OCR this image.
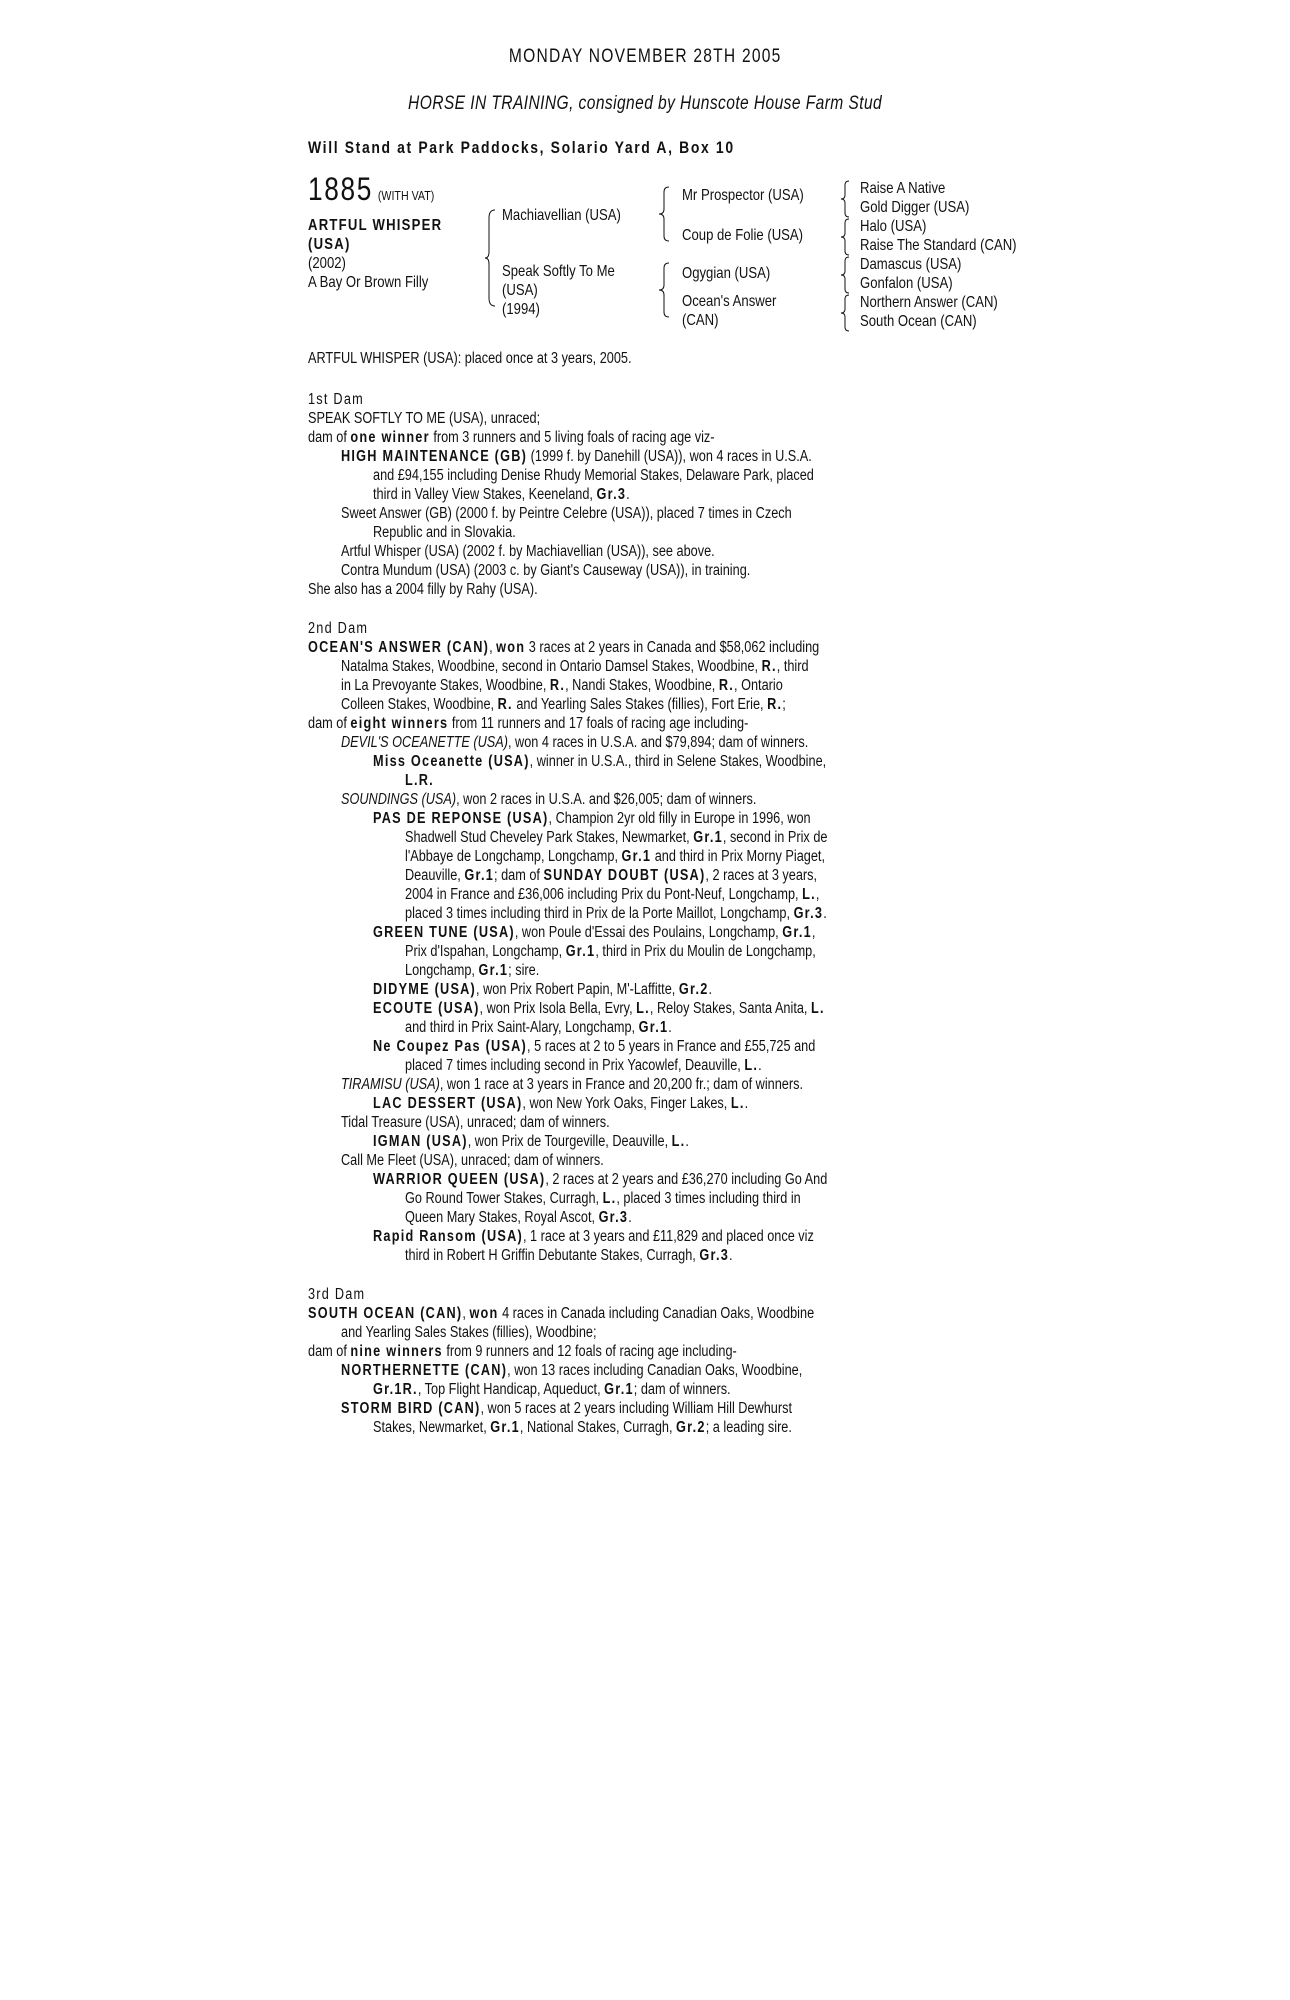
MONDAY NOVEMBER 28TH 2005
HORSE IN TRAINING, consigned by Hunscote House Farm Stud
Will Stand at Park Paddocks, Solario Yard A, Box 10
1885 (WITH VAT)
ARTFUL WHISPER
(USA)
(2002)
A Bay Or Brown Filly
Machiavellian (USA)
Speak Softly To Me
(USA)
(1994)
Mr Prospector (USA)
Coup de Folie (USA)
Ogygian (USA)
Ocean's Answer
(CAN)
Raise A Native
Gold Digger (USA)
Halo (USA)
Raise The Standard (CAN)
Damascus (USA)
Gonfalon (USA)
Northern Answer (CAN)
South Ocean (CAN)
ARTFUL WHISPER (USA): placed once at 3 years, 2005.
1st Dam
SPEAK SOFTLY TO ME (USA), unraced;
dam of one winner from 3 runners and 5 living foals of racing age viz-
HIGH MAINTENANCE (GB) (1999 f. by Danehill (USA)), won 4 races in U.S.A.
and £94,155 including Denise Rhudy Memorial Stakes, Delaware Park, placed
third in Valley View Stakes, Keeneland, Gr.3.
Sweet Answer (GB) (2000 f. by Peintre Celebre (USA)), placed 7 times in Czech
Republic and in Slovakia.
Artful Whisper (USA) (2002 f. by Machiavellian (USA)), see above.
Contra Mundum (USA) (2003 c. by Giant's Causeway (USA)), in training.
She also has a 2004 filly by Rahy (USA).
2nd Dam
OCEAN'S ANSWER (CAN), won 3 races at 2 years in Canada and $58,062 including
Natalma Stakes, Woodbine, second in Ontario Damsel Stakes, Woodbine, R., third
in La Prevoyante Stakes, Woodbine, R., Nandi Stakes, Woodbine, R., Ontario
Colleen Stakes, Woodbine, R. and Yearling Sales Stakes (fillies), Fort Erie, R.;
dam of eight winners from 11 runners and 17 foals of racing age including-
DEVIL'S OCEANETTE (USA), won 4 races in U.S.A. and $79,894; dam of winners.
Miss Oceanette (USA), winner in U.S.A., third in Selene Stakes, Woodbine,
L.R.
SOUNDINGS (USA), won 2 races in U.S.A. and $26,005; dam of winners.
PAS DE REPONSE (USA), Champion 2yr old filly in Europe in 1996, won
Shadwell Stud Cheveley Park Stakes, Newmarket, Gr.1, second in Prix de
l'Abbaye de Longchamp, Longchamp, Gr.1 and third in Prix Morny Piaget,
Deauville, Gr.1; dam of SUNDAY DOUBT (USA), 2 races at 3 years,
2004 in France and £36,006 including Prix du Pont-Neuf, Longchamp, L.,
placed 3 times including third in Prix de la Porte Maillot, Longchamp, Gr.3.
GREEN TUNE (USA), won Poule d'Essai des Poulains, Longchamp, Gr.1,
Prix d'Ispahan, Longchamp, Gr.1, third in Prix du Moulin de Longchamp,
Longchamp, Gr.1; sire.
DIDYME (USA), won Prix Robert Papin, M'-Laffitte, Gr.2.
ECOUTE (USA), won Prix Isola Bella, Evry, L., Reloy Stakes, Santa Anita, L.
and third in Prix Saint-Alary, Longchamp, Gr.1.
Ne Coupez Pas (USA), 5 races at 2 to 5 years in France and £55,725 and
placed 7 times including second in Prix Yacowlef, Deauville, L..
TIRAMISU (USA), won 1 race at 3 years in France and 20,200 fr.; dam of winners.
LAC DESSERT (USA), won New York Oaks, Finger Lakes, L..
Tidal Treasure (USA), unraced; dam of winners.
IGMAN (USA), won Prix de Tourgeville, Deauville, L..
Call Me Fleet (USA), unraced; dam of winners.
WARRIOR QUEEN (USA), 2 races at 2 years and £36,270 including Go And
Go Round Tower Stakes, Curragh, L., placed 3 times including third in
Queen Mary Stakes, Royal Ascot, Gr.3.
Rapid Ransom (USA), 1 race at 3 years and £11,829 and placed once viz
third in Robert H Griffin Debutante Stakes, Curragh, Gr.3.
3rd Dam
SOUTH OCEAN (CAN), won 4 races in Canada including Canadian Oaks, Woodbine
and Yearling Sales Stakes (fillies), Woodbine;
dam of nine winners from 9 runners and 12 foals of racing age including-
NORTHERNETTE (CAN), won 13 races including Canadian Oaks, Woodbine,
Gr.1R., Top Flight Handicap, Aqueduct, Gr.1; dam of winners.
STORM BIRD (CAN), won 5 races at 2 years including William Hill Dewhurst
Stakes, Newmarket, Gr.1, National Stakes, Curragh, Gr.2; a leading sire.
